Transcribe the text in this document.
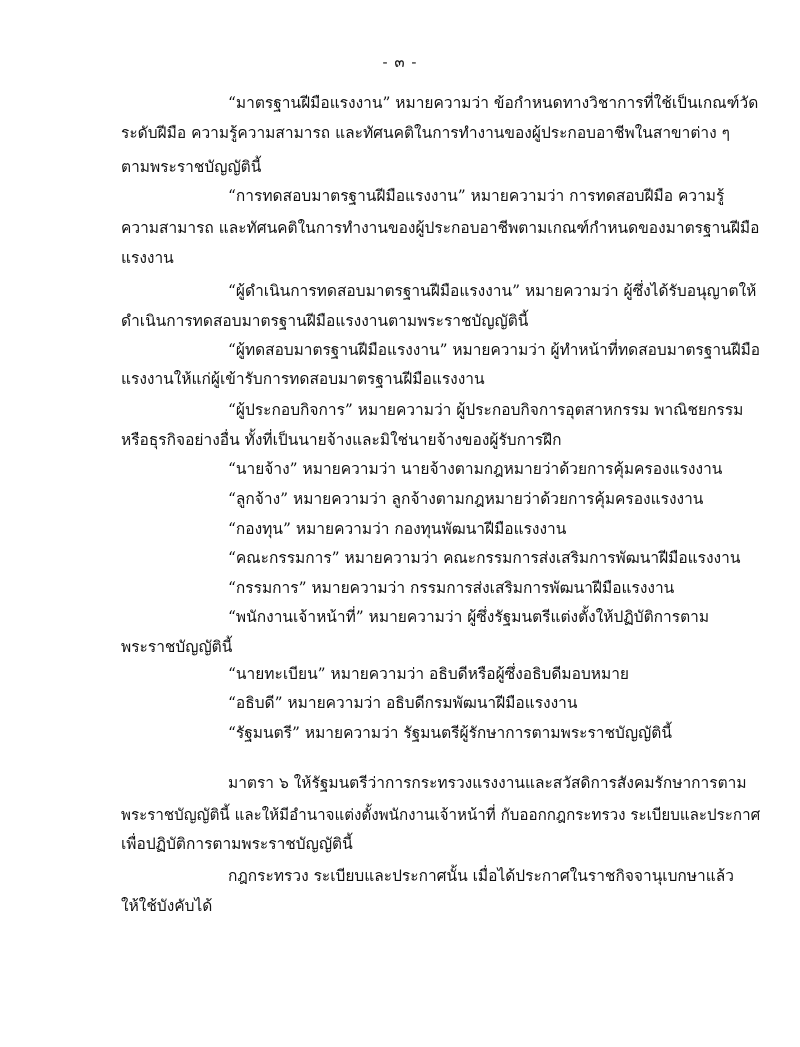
- ๓ -
“มาตรฐานฝีมือแรงงาน” หมายความว่า ข้อกำหนดทางวิชาการที่ใช้เป็นเกณฑ์วัด
ระดับฝีมือ ความรู้ความสามารถ และทัศนคติในการทำงานของผู้ประกอบอาชีพในสาขาต่าง ๆ
ตามพระราชบัญญัตินี้
“การทดสอบมาตรฐานฝีมือแรงงาน” หมายความว่า การทดสอบฝีมือ ความรู้
ความสามารถ และทัศนคติในการทำงานของผู้ประกอบอาชีพตามเกณฑ์กำหนดของมาตรฐานฝีมือ
แรงงาน
“ผู้ดำเนินการทดสอบมาตรฐานฝีมือแรงงาน” หมายความว่า ผู้ซึ่งได้รับอนุญาตให้
ดำเนินการทดสอบมาตรฐานฝีมือแรงงานตามพระราชบัญญัตินี้
“ผู้ทดสอบมาตรฐานฝีมือแรงงาน” หมายความว่า ผู้ทำหน้าที่ทดสอบมาตรฐานฝีมือ
แรงงานให้แก่ผู้เข้ารับการทดสอบมาตรฐานฝีมือแรงงาน
“ผู้ประกอบกิจการ” หมายความว่า ผู้ประกอบกิจการอุตสาหกรรม พาณิชยกรรม
หรือธุรกิจอย่างอื่น ทั้งที่เป็นนายจ้างและมิใช่นายจ้างของผู้รับการฝึก
“นายจ้าง” หมายความว่า นายจ้างตามกฎหมายว่าด้วยการคุ้มครองแรงงาน
“ลูกจ้าง” หมายความว่า ลูกจ้างตามกฎหมายว่าด้วยการคุ้มครองแรงงาน
“กองทุน” หมายความว่า กองทุนพัฒนาฝีมือแรงงาน
“คณะกรรมการ” หมายความว่า คณะกรรมการส่งเสริมการพัฒนาฝีมือแรงงาน
“กรรมการ” หมายความว่า กรรมการส่งเสริมการพัฒนาฝีมือแรงงาน
“พนักงานเจ้าหน้าที่” หมายความว่า ผู้ซึ่งรัฐมนตรีแต่งตั้งให้ปฏิบัติการตาม
พระราชบัญญัตินี้
“นายทะเบียน” หมายความว่า อธิบดีหรือผู้ซึ่งอธิบดีมอบหมาย
“อธิบดี” หมายความว่า อธิบดีกรมพัฒนาฝีมือแรงงาน
“รัฐมนตรี” หมายความว่า รัฐมนตรีผู้รักษาการตามพระราชบัญญัตินี้
มาตรา ๖ ให้รัฐมนตรีว่าการกระทรวงแรงงานและสวัสดิการสังคมรักษาการตาม
พระราชบัญญัตินี้ และให้มีอำนาจแต่งตั้งพนักงานเจ้าหน้าที่ กับออกกฎกระทรวง ระเบียบและประกาศ
เพื่อปฏิบัติการตามพระราชบัญญัตินี้
กฎกระทรวง ระเบียบและประกาศนั้น เมื่อได้ประกาศในราชกิจจานุเบกษาแล้ว
ให้ใช้บังคับได้
